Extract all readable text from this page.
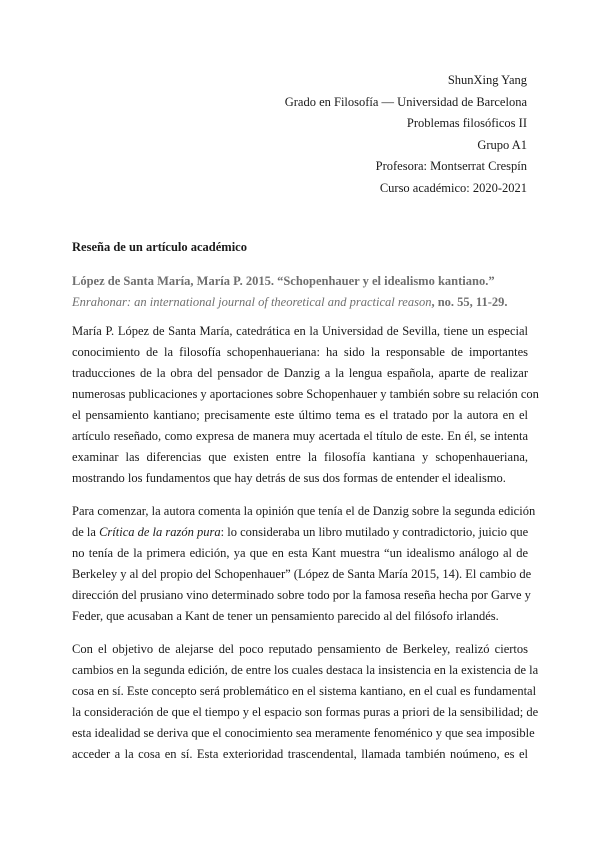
ShunXing Yang
Grado en Filosofía — Universidad de Barcelona
Problemas filosóficos II
Grupo A1
Profesora: Montserrat Crespín
Curso académico: 2020-2021
Reseña de un artículo académico
López de Santa María, María P. 2015. “Schopenhauer y el idealismo kantiano.”
Enrahonar: an international journal of theoretical and practical reason, no. 55, 11-29.

María P. López de Santa María, catedrática en la Universidad de Sevilla, tiene un especial
conocimiento de la filosofía schopenhaueriana: ha sido la responsable de importantes
traducciones de la obra del pensador de Danzig a la lengua española, aparte de realizar
numerosas publicaciones y aportaciones sobre Schopenhauer y también sobre su relación con
el pensamiento kantiano; precisamente este último tema es el tratado por la autora en el
artículo reseñado, como expresa de manera muy acertada el título de este. En él, se intenta
examinar las diferencias que existen entre la filosofía kantiana y schopenhaueriana,
mostrando los fundamentos que hay detrás de sus dos formas de entender el idealismo.

Para comenzar, la autora comenta la opinión que tenía el de Danzig sobre la segunda edición
de la Crítica de la razón pura: lo consideraba un libro mutilado y contradictorio, juicio que
no tenía de la primera edición, ya que en esta Kant muestra “un idealismo análogo al de
Berkeley y al del propio del Schopenhauer” (López de Santa María 2015, 14). El cambio de
dirección del prusiano vino determinado sobre todo por la famosa reseña hecha por Garve y
Feder, que acusaban a Kant de tener un pensamiento parecido al del filósofo irlandés.

Con el objetivo de alejarse del poco reputado pensamiento de Berkeley, realizó ciertos
cambios en la segunda edición, de entre los cuales destaca la insistencia en la existencia de la
cosa en sí. Este concepto será problemático en el sistema kantiano, en el cual es fundamental
la consideración de que el tiempo y el espacio son formas puras a priori de la sensibilidad; de
esta idealidad se deriva que el conocimiento sea meramente fenoménico y que sea imposible
acceder a la cosa en sí. Esta exterioridad trascendental, llamada también noúmeno, es el
